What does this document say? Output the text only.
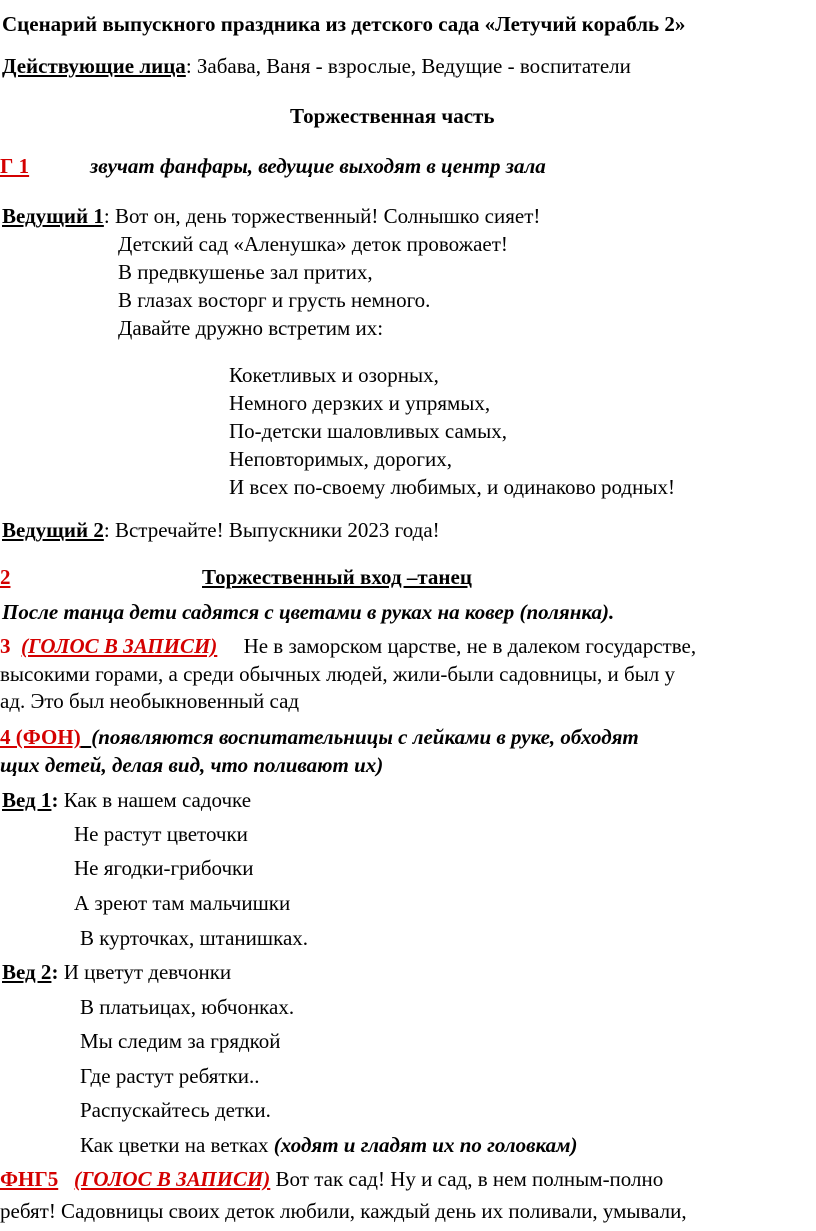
Сценарий выпускного праздника из детского сада «Летучий корабль 2»
Действующие лица: Забава, Ваня - взрослые, Ведущие - воспитатели
Торжественная часть
Г 1	звучат фанфары, ведущие выходят в центр зала
Ведущий 1: Вот он, день торжественный! Солнышко сияет!
Детский сад «Аленушка» деток провожает!
В предвкушенье зал притих,
В глазах восторг и грусть немного.
Давайте дружно встретим их:
Кокетливых и озорных,
Немного дерзких и упрямых,
По-детски шаловливых самых,
Неповторимых, дорогих,
И всех по-своему любимых, и одинаково родных!
Ведущий 2: Встречайте! Выпускники 2023 года!
2	Торжественный вход –танец
После танца дети садятся с цветами в руках на ковер (полянка).
3 (ГОЛОС В ЗАПИСИ) Не в заморском царстве, не в далеком государстве,
высокими горами, а среди обычных людей, жили-были садовницы, и был у
ад. Это был необыкновенный сад
4 (ФОН) (появляются воспитательницы с лейками в руке, обходят
щих детей, делая вид, что поливают их)
Вед 1: Как в нашем садочке
Не растут цветочки
Не ягодки-грибочки
А зреют там мальчишки
В курточках, штанишках.
Вед 2: И цветут девчонки
В платьицах, юбчонках.
Мы следим за грядкой
Где растут ребятки..
Распускайтесь детки.
Как цветки на ветках (ходят и гладят их по головкам)
ФНГ5 (ГОЛОС В ЗАПИСИ) Вот так сад! Ну и сад, в нем полным-полно
ребят! Садовницы своих деток любили, каждый день их поливали, умывали,
